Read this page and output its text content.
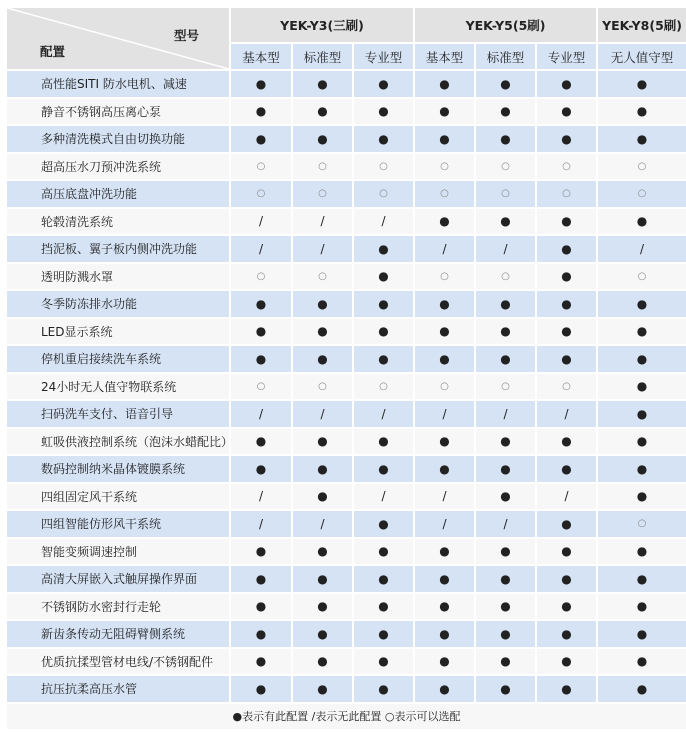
型号
配置	YEK-Y3(三刷)			YEK-Y5(5刷)			YEK-Y8(5刷)
	基本型	标准型	专业型	基本型	标准型	专业型	无人值守型
高性能SITI 防水电机、减速	●	●	●	●	●	●	●
静音不锈钢高压离心泵	●	●	●	●	●	●	●
多种清洗模式自由切换功能	●	●	●	●	●	●	●
超高压水刀预冲洗系统	○	○	○	○	○	○	○
高压底盘冲洗功能	○	○	○	○	○	○	○
轮毂清洗系统	/	/	/	●	●	●	●
挡泥板、翼子板内侧冲洗功能	/	/	●	/	/	●	/
透明防溅水罩	○	○	●	○	○	●	○
冬季防冻排水功能	●	●	●	●	●	●	●
LED显示系统	●	●	●	●	●	●	●
停机重启接续洗车系统	●	●	●	●	●	●	●
24小时无人值守物联系统	○	○	○	○	○	○	●
扫码洗车支付、语音引导	/	/	/	/	/	/	●
虹吸供液控制系统（泡沫水蜡配比）	●	●	●	●	●	●	●
数码控制纳米晶体镀膜系统	●	●	●	●	●	●	●
四组固定风干系统	/	●	/	/	●	/	●
四组智能仿形风干系统	/	/	●	/	/	●	○
智能变频调速控制	●	●	●	●	●	●	●
高清大屏嵌入式触屏操作界面	●	●	●	●	●	●	●
不锈钢防水密封行走轮	●	●	●	●	●	●	●
新齿条传动无阻碍臂侧系统	●	●	●	●	●	●	●
优质抗揉型管材电线/不锈钢配件	●	●	●	●	●	●	●
抗压抗柔高压水管	●	●	●	●	●	●	●
●表示有此配置 /表示无此配置 ○表示可以选配							
